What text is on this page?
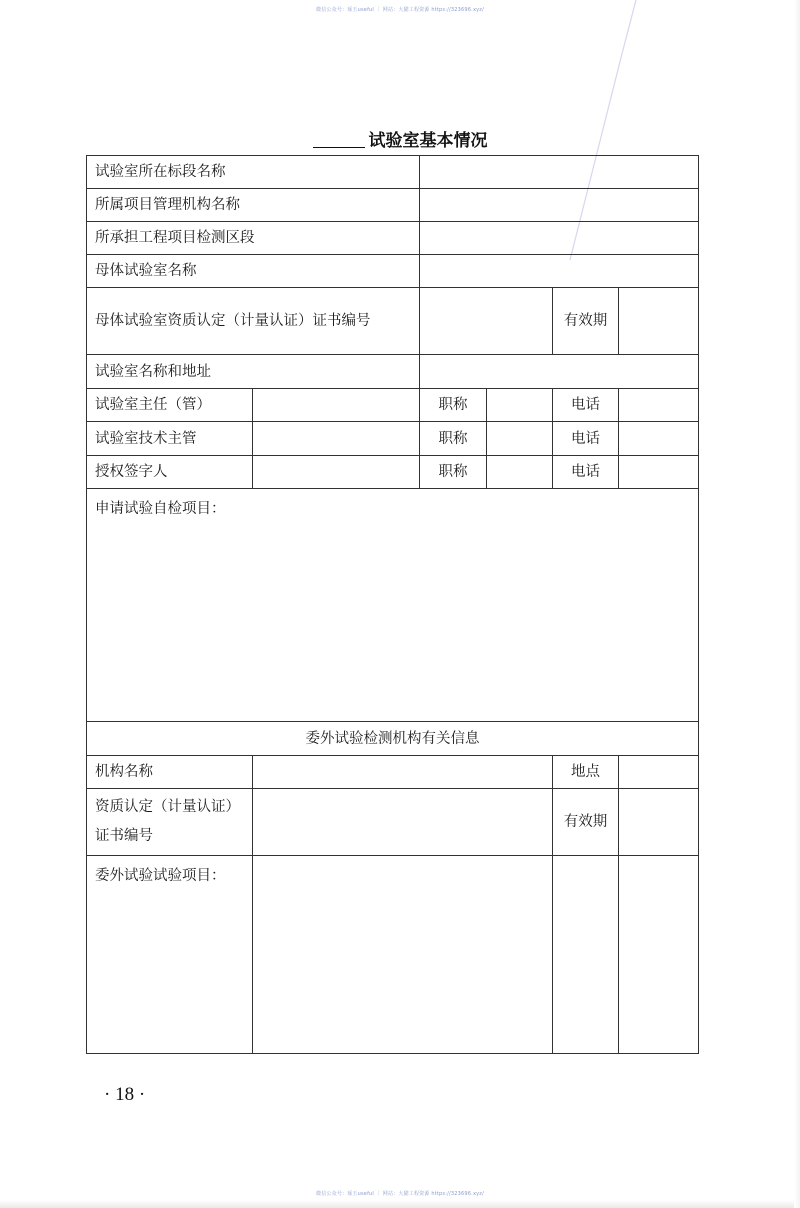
微信公众号：琢玉useful ｜ 网站：大猫工程资源 https://323696.xyz/
试验室基本情况
试验室所在标段名称					
所属项目管理机构名称					
所承担工程项目检测区段					
母体试验室名称					
母体试验室资质认定（计量认证）证书编号				有效期	
试验室名称和地址					
试验室主任（管）		职称		电话	
试验室技术主管		职称		电话	
授权签字人		职称		电话	
申请试验自检项目：					
委外试验检测机构有关信息					
机构名称				地点	
资质认定（计量认证）证书编号				有效期	
委外试验试验项目：					
· 18 ·
微信公众号：琢玉useful ｜ 网站：大猫工程资源 https://323696.xyz/
